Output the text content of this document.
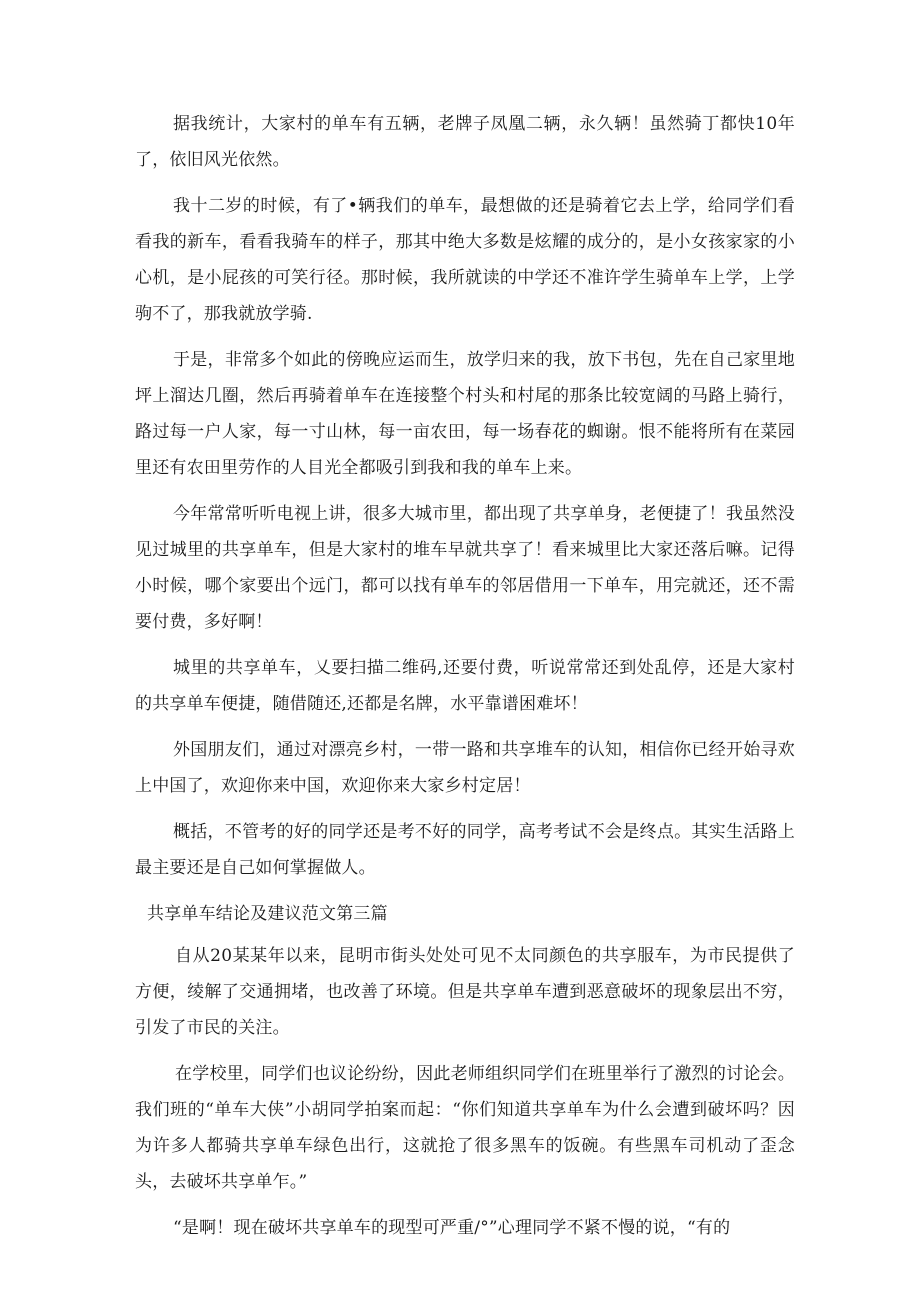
据我统计，大家村的单车有五辆，老牌子凤凰二辆，永久辆！虽然骑丁都快10年了，依旧风光依然。

我十二岁的时候，有了•辆我们的单车，最想做的还是骑着它去上学，给同学们看看我的新车，看看我骑车的样子，那其中绝大多数是炫耀的成分的，是小女孩家家的小心机，是小屁孩的可笑行径。那时候，我所就读的中学还不准许学生骑单车上学，上学驹不了，那我就放学骑.

于是，非常多个如此的傍晚应运而生，放学归来的我，放下书包，先在自己家里地坪上溜达几圈，然后再骑着单车在连接整个村头和村尾的那条比较宽阔的马路上骑行，路过每一户人家，每一寸山林，每一亩农田，每一场春花的蜘谢。恨不能将所有在菜园里还有农田里劳作的人目光全都吸引到我和我的单车上来。

今年常常听听电视上讲，很多大城市里，都出现了共享单身，老便捷了！我虽然没见过城里的共享单车，但是大家村的堆车早就共享了！看来城里比大家还落后嘛。记得小时候，哪个家要出个远门，都可以找有单车的邻居借用一下单车，用完就还，还不需要付费，多好啊！

城里的共享单车，乂要扫描二维码,还要付费，听说常常还到处乱停，还是大家村的共享单车便捷，随借随还,还都是名牌，水平靠谱困难坏！

外国朋友们，通过对漂亮乡村，一带一路和共享堆车的认知，相信你已经开始寻欢上中国了，欢迎你来中国，欢迎你来大家乡村定居！

概括，不管考的好的同学还是考不好的同学，高考考试不会是终点。其实生活路上最主要还是自己如何掌握做人。

共享单车结论及建议范文第三篇

自从20某某年以来，昆明市街头处处可见不太同颜色的共享服车，为市民提供了方便，绫解了交通拥堵，也改善了环境。但是共享单车遭到恶意破坏的现象层出不穷，引发了市民的关注。

在学校里，同学们也议论纷纷，因此老师组织同学们在班里举行了激烈的讨论会。我们班的“单车大侠”小胡同学拍案而起：“你们知道共享单车为什么会遭到破坏吗？因为许多人都骑共享单车绿色出行，这就抢了很多黑车的饭碗。有些黑车司机动了歪念头，去破坏共享单乍。”

“是啊！现在破坏共享单车的现型可严重/°”心理同学不紧不慢的说，“有的
